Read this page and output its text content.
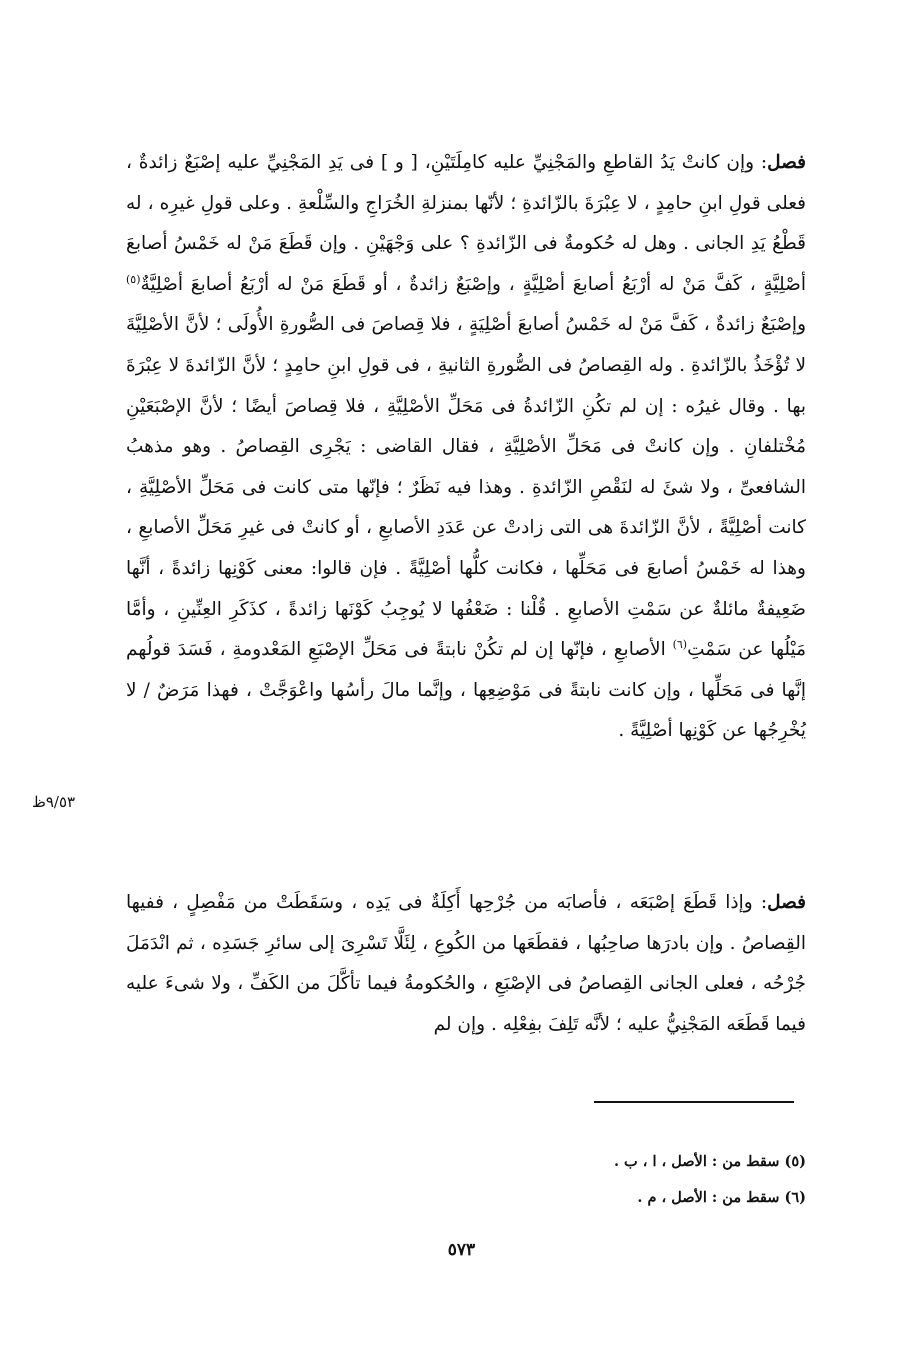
فصل: وإن كانتْ يَدُ القاطعِ والمَجْنِيِّ عليه كامِلَتَيْنِ، [ و ] فى يَدِ المَجْنِيِّ عليه إصْبَعٌ زائدةٌ ، فعلى قولِ ابنِ حامِدٍ ، لا عِبْرَةَ بالزّائدةِ ؛ لأنّها بمنزلةِ الخُرَاجِ والسِّلْعةِ . وعلى قولِ غيرِه ، له قَطْعُ يَدِ الجانى . وهل له حُكومةٌ فى الزّائدةِ ؟ على وَجْهَيْنِ . وإن قَطَعَ مَنْ له خَمْسُ أصابعَ أصْلِيَّةٍ ، كَفَّ مَنْ له أرْبَعُ أصابعَ أصْلِيَّةٍ ، وإصْبَعٌ زائدةٌ ، أو قَطَعَ مَنْ له أرْبَعُ أصابعَ أصْلِيَّةٌ$^{(٥)}$ وإصْبَعٌ زائدةٌ ، كَفَّ مَنْ له خَمْسُ أصابعَ أصْلِيَةٍ ، فلا قِصاصَ فى الصُّورةِ الأُولَى ؛ لأنَّ الأصْلِيَّةَ لا تُؤْخَذُ بالزّائدةِ . وله القِصاصُ فى الصُّورةِ الثانيةِ ، فى قولِ ابنِ حامِدٍ ؛ لأنَّ الزّائدةَ لا عِبْرَةَ بها . وقال غيرُه : إن لم تكُنِ الزّائدةُ فى مَحَلِّ الأصْلِيَّةِ ، فلا قِصاصَ أيضًا ؛ لأنَّ الإصْبَعَيْنِ مُخْتلفانِ . وإن كانتْ فى مَحَلِّ الأصْلِيَّةِ ، فقال القاضى : يَجْرِى القِصاصُ . وهو مذهبُ الشافعىِّ ، ولا شئَ له لنَقْصِ الزّائدةِ . وهذا فيه نَظَرٌ ؛ فإنّها متى كانت فى مَحَلِّ الأصْلِيَّةِ ، كانت أصْلِيَّةً ، لأنَّ الزّائدةَ هى التى زادتْ عن عَدَدِ الأصابعِ ، أو كانتْ فى غيرِ مَحَلِّ الأصابعِ ، وهذا له خَمْسُ أصابعَ فى مَحَلِّها ، فكانت كلُّها أصْلِيَّةً . فإن قالوا: معنى كَوْنِها زائدةً ، أنَّها ضَعِيفةٌ مائلةٌ عن سَمْتِ الأصابعِ . قُلْنا : ضَعْفُها لا يُوجِبُ كَوْنَها زائدةً ، كذَكَرِ العِنِّينِ ، وأمَّا مَيْلُها عن سَمْتِ$^{(٦)}$ الأصابعِ ، فإنّها إن لم تكُنْ نابتةً فى مَحَلِّ الإصْبَعِ المَعْدومةِ ، فَسَدَ قولُهم إنَّها فى مَحَلِّها ، وإن كانت نابتةً فى مَوْضِعِها ، وإنَّما مالَ رأسُها واعْوَجَّتْ ، فهذا مَرَضٌ / لا يُخْرِجُها عن كَوْنِها أصْلِيَّةً .
٩/٥٣ظ
فصل: وإذا قَطَعَ إصْبَعَه ، فأصابَه من جُرْحِها أَكِلَةٌ فى يَدِه ، وسَقَطَتْ من مَفْصِلٍ ، ففيها القِصاصُ . وإن بادرَها صاحِبُها ، فقطَعَها من الكُوعِ ، لِئَلَّا تَسْرِىَ إلى سائرِ جَسَدِه ، ثم انْدَمَلَ جُرْحُه ، فعلى الجانى القِصاصُ فى الإصْبَعِ ، والحُكومةُ فيما تأكَّلَ من الكَفِّ ، ولا شىءَ عليه فيما قَطَعَه المَجْنِيُّ عليه ؛ لأنَّه تَلِفَ بفِعْلِه . وإن لم
(٥) سقط من : الأصل ، ا ، ب .
(٦) سقط من : الأصل ، م .
٥٧٣
